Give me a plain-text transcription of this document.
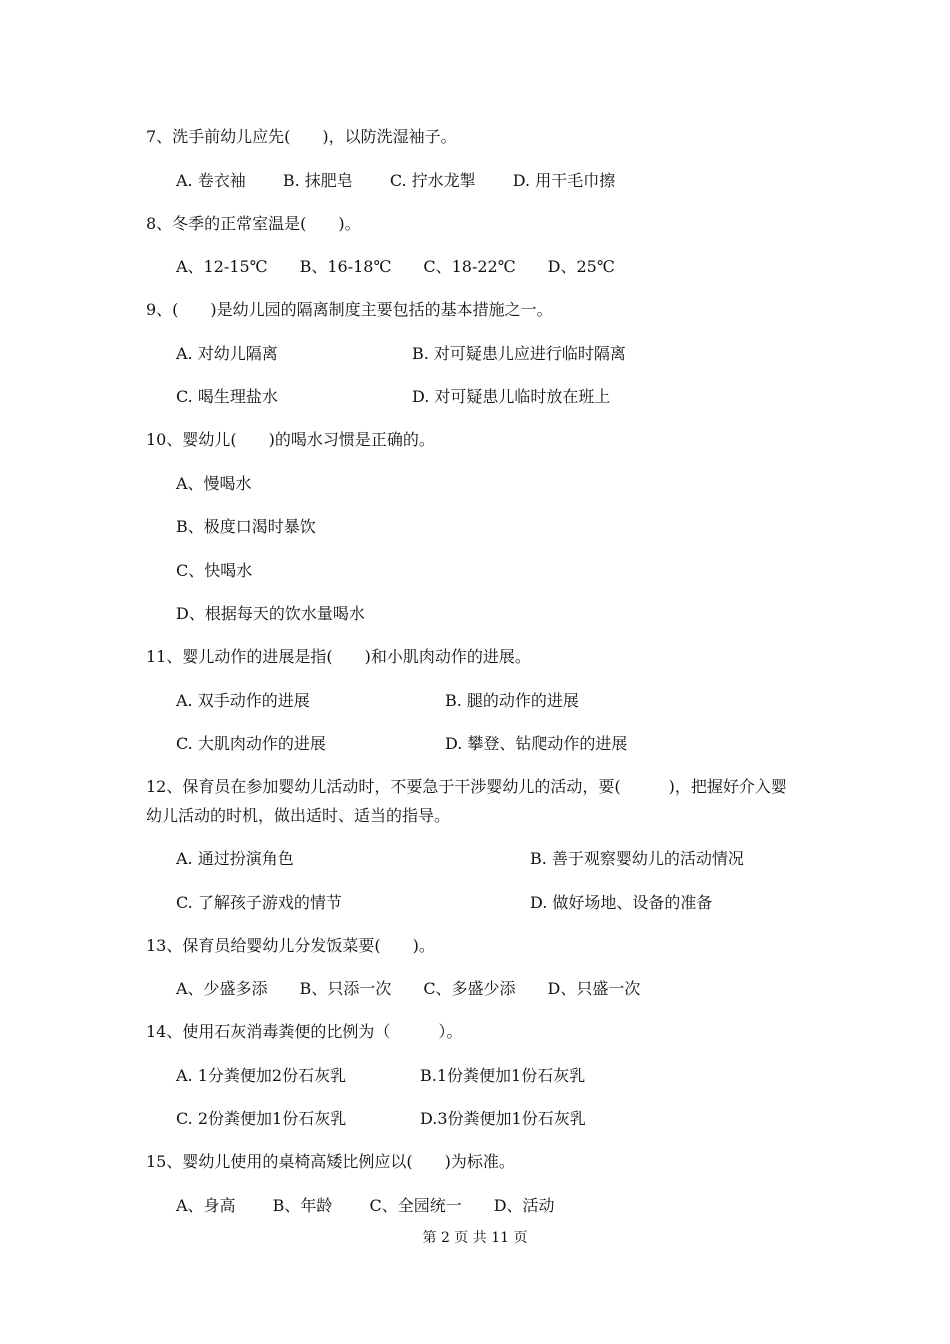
7、洗手前幼儿应先(　　)，以防洗湿袖子。
A. 卷衣袖　　 B. 抹肥皂　　 C. 拧水龙掣　　 D. 用干毛巾擦
8、冬季的正常室温是(　　)。
A、12-15℃　　B、16-18℃　　C、18-22℃　　D、25℃
9、(　　)是幼儿园的隔离制度主要包括的基本措施之一。
A. 对幼儿隔离	B. 对可疑患儿应进行临时隔离
C. 喝生理盐水	D. 对可疑患儿临时放在班上
10、婴幼儿(　　)的喝水习惯是正确的。
A、慢喝水
B、极度口渴时暴饮
C、快喝水
D、根据每天的饮水量喝水
11、婴儿动作的进展是指(　　)和小肌肉动作的进展。
A. 双手动作的进展	B. 腿的动作的进展
C. 大肌肉动作的进展	D. 攀登、钻爬动作的进展
12、保育员在参加婴幼儿活动时，不要急于干涉婴幼儿的活动，要(　　　)，把握好介入婴
幼儿活动的时机，做出适时、适当的指导。
A. 通过扮演角色	B. 善于观察婴幼儿的活动情况
C. 了解孩子游戏的情节	D. 做好场地、设备的准备
13、保育员给婴幼儿分发饭菜要(　　)。
A、少盛多添　　B、只添一次　　C、多盛少添　　D、只盛一次
14、使用石灰消毒粪便的比例为（　　　）。
A. 1分粪便加2份石灰乳	B.1份粪便加1份石灰乳
C. 2份粪便加1份石灰乳	D.3份粪便加1份石灰乳
15、婴幼儿使用的桌椅高矮比例应以(　　)为标准。
A、身高　　 B、年龄　　 C、全园统一　　D、活动
第 2 页 共 11 页
